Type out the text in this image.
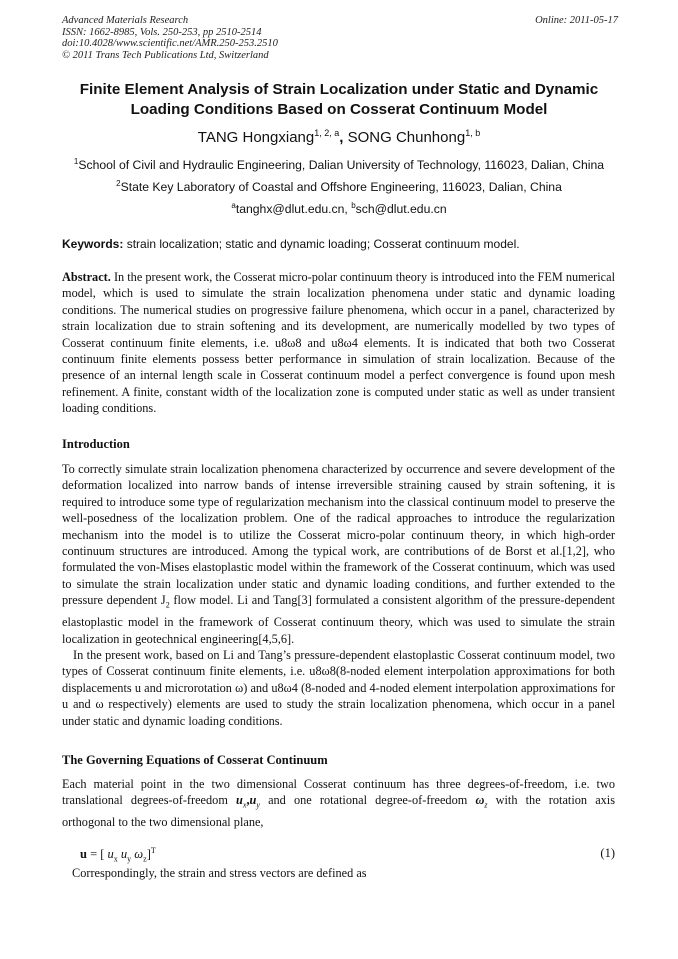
Advanced Materials Research
ISSN: 1662-8985, Vols. 250-253, pp 2510-2514
doi:10.4028/www.scientific.net/AMR.250-253.2510
© 2011 Trans Tech Publications Ltd, Switzerland
Online: 2011-05-17
Finite Element Analysis of Strain Localization under Static and Dynamic
Loading Conditions Based on Cosserat Continuum Model
TANG Hongxiang$^{1, 2, a}$, SONG Chunhong$^{1, b}$
$^1$School of Civil and Hydraulic Engineering, Dalian University of Technology, 116023, Dalian, China
$^2$State Key Laboratory of Coastal and Offshore Engineering, 116023, Dalian, China
$^a$tanghx@dlut.edu.cn, $^b$sch@dlut.edu.cn
Keywords: strain localization; static and dynamic loading; Cosserat continuum model.
Abstract. In the present work, the Cosserat micro-polar continuum theory is introduced into the FEM numerical model, which is used to simulate the strain localization phenomena under static and dynamic loading conditions. The numerical studies on progressive failure phenomena, which occur in a panel, characterized by strain localization due to strain softening and its development, are numerically modelled by two types of Cosserat continuum finite elements, i.e. u8ω8 and u8ω4 elements. It is indicated that both two Cosserat continuum finite elements possess better performance in simulation of strain localization. Because of the presence of an internal length scale in Cosserat continuum model a perfect convergence is found upon mesh refinement. A finite, constant width of the localization zone is computed under static as well as under transient loading conditions.
Introduction
To correctly simulate strain localization phenomena characterized by occurrence and severe development of the deformation localized into narrow bands of intense irreversible straining caused by strain softening, it is required to introduce some type of regularization mechanism into the classical continuum model to preserve the well-posedness of the localization problem. One of the radical approaches to introduce the regularization mechanism into the model is to utilize the Cosserat micro-polar continuum theory, in which high-order continuum structures are introduced. Among the typical work, are contributions of de Borst et al.[1,2], who formulated the von-Mises elastoplastic model within the framework of the Cosserat continuum, which was used to simulate the strain localization under static and dynamic loading conditions, and further extended to the pressure dependent $J_2$ flow model. Li and Tang[3] formulated a consistent algorithm of the pressure-dependent elastoplastic model in the framework of Cosserat continuum theory, which was used to simulate the strain localization in geotechnical engineering[4,5,6].
In the present work, based on Li and Tang’s pressure-dependent elastoplastic Cosserat continuum model, two types of Cosserat continuum finite elements, i.e. u8ω8(8-noded element interpolation approximations for both displacements u and microrotation ω) and u8ω4 (8-noded and 4-noded element interpolation approximations for u and ω respectively) elements are used to study the strain localization phenomena, which occur in a panel under static and dynamic loading conditions.
The Governing Equations of Cosserat Continuum
Each material point in the two dimensional Cosserat continuum has three degrees-of-freedom, i.e. two translational degrees-of-freedom $u_x,u_y$ and one rotational degree-of-freedom $\omega_z$ with the rotation axis orthogonal to the two dimensional plane,
u = [ $u_x$ $u_y$ $\omega_z]^T$	(1)
Correspondingly, the strain and stress vectors are defined as
